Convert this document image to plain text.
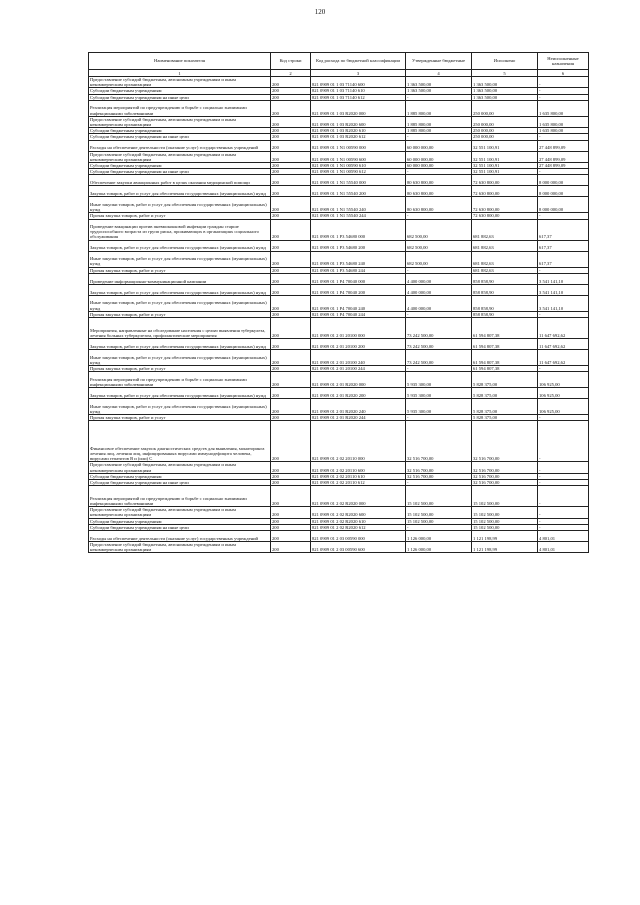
120
Наименование показателя	Код строки	Код расхода по бюджетной классификации	Утвержденные бюджетные	Исполнено	Неисполненные назначения
1	2	3	4	5	6
Предоставление субсидий бюджетным, автономным учреждениям и иным некоммерческим организациям	200	821 0909 01 1 03 71140 600	1 363 500,00	1 363 500,00	-
Субсидии бюджетным учреждениям	200	821 0909 01 1 03 71140 610	1 363 500,00	1 363 500,00	-
Субсидии бюджетным учреждениям на иные цели	200	821 0909 01 1 03 71140 612	-	1 363 500,00	-
Реализация мероприятий по предупреждению и борьбе с социально значимыми инфекционными заболеваниями	200	821 0909 01 1 03 R2020 000	1 885 800,00	250 000,00	1 635 800,00
Предоставление субсидий бюджетным, автономным учреждениям и иным некоммерческим организациям	200	821 0909 01 1 03 R2020 600	1 885 800,00	250 000,00	1 635 800,00
Субсидии бюджетным учреждениям	200	821 0909 01 1 03 R2020 610	1 885 800,00	250 000,00	1 635 800,00
Субсидии бюджетным учреждениям на иные цели	200	821 0909 01 1 03 R2020 612	-	250 000,00	-
Расходы на обеспечение деятельности (оказание услуг) государственных учреждений	200	821 0909 01 1 N1 00590 000	60 000 000,00	32 551 100,91	27 448 899,09
Предоставление субсидий бюджетным, автономным учреждениям и иным некоммерческим организациям	200	821 0909 01 1 N1 00590 600	60 000 000,00	32 551 100,91	27 448 899,09
Субсидии бюджетным учреждениям	200	821 0909 01 1 N1 00590 610	60 000 000,00	32 551 100,91	27 448 899,09
Субсидии бюджетным учреждениям на иные цели	200	821 0909 01 1 N1 00590 612	-	32 551 100,91	-
Обеспечение закупки авиационных работ в целях оказания медицинской помощи	200	821 0909 01 1 N1 55540 000	80 630 800,00	72 630 800,00	8 000 000,00
Закупка товаров, работ и услуг для обеспечения государственных (муниципальных) нужд	200	821 0909 01 1 N1 55540 200	80 630 800,00	72 630 800,00	8 000 000,00
Иные закупки товаров, работ и услуг для обеспечения государственных (муниципальных) нужд	200	821 0909 01 1 N1 55540 240	80 630 800,00	72 630 800,00	8 000 000,00
Прочая закупка товаров, работ и услуг	200	821 0909 01 1 N1 55540 244	-	72 630 800,00	-
Проведение вакцинации против пневмококковой инфекции граждан старше трудоспособного возраста из групп риска, проживающих в организациях социального обслуживания	200	821 0909 01 1 P3 54680 000	682 500,00	681 882,63	617,37
Закупка товаров, работ и услуг для обеспечения государственных (муниципальных) нужд	200	821 0909 01 1 P3 54680 200	682 500,00	681 882,63	617,37
Иные закупки товаров, работ и услуг для обеспечения государственных (муниципальных) нужд	200	821 0909 01 1 P3 54680 240	682 500,00	681 882,63	617,37
Прочая закупка товаров, работ и услуг	200	821 0909 01 1 P3 54680 244	-	681 882,63	-
Проведение информационно-коммуникационной кампании	200	821 0909 01 1 P4 70040 000	4 400 000,00	858 858,90	3 541 141,10
Закупка товаров, работ и услуг для обеспечения государственных (муниципальных) нужд	200	821 0909 01 1 P4 70040 200	4 400 000,00	858 858,90	3 541 141,10
Иные закупки товаров, работ и услуг для обеспечения государственных (муниципальных) нужд	200	821 0909 01 1 P4 70040 240	4 400 000,00	858 858,90	3 541 141,10
Прочая закупка товаров, работ и услуг	200	821 0909 01 1 P4 70040 244	-	858 858,90	-
Мероприятия, направленные на обследование населения с целью выявления туберкулеза, лечения больных туберкулезом, профилактические мероприятия	200	821 0909 01 2 01 20100 000	73 242 500,00	61 594 807,38	11 647 692,62
Закупка товаров, работ и услуг для обеспечения государственных (муниципальных) нужд	200	821 0909 01 2 01 20100 200	73 242 500,00	61 594 807,38	11 647 692,62
Иные закупки товаров, работ и услуг для обеспечения государственных (муниципальных) нужд	200	821 0909 01 2 01 20100 240	73 242 500,00	61 594 807,38	11 647 692,62
Прочая закупка товаров, работ и услуг	200	821 0909 01 2 01 20100 244	-	61 594 807,38	-
Реализация мероприятий по предупреждению и борьбе с социально значимыми инфекционными заболеваниями	200	821 0909 01 2 01 R2020 000	5 935 300,00	5 828 375,00	106 925,00
Закупка товаров, работ и услуг для обеспечения государственных (муниципальных) нужд	200	821 0909 01 2 01 R2020 200	5 935 300,00	5 828 375,00	106 925,00
Иные закупки товаров, работ и услуг для обеспечения государственных (муниципальных) нужд	200	821 0909 01 2 01 R2020 240	5 935 300,00	5 828 375,00	106 925,00
Прочая закупка товаров, работ и услуг	200	821 0909 01 2 01 R2020 244	-	5 828 375,00	-
Финансовое обеспечение закупок диагностических средств для выявления, мониторинга лечения лиц, лечения лиц, инфицированных вирусами иммунодефицита человека, вирусами гепатитов В и (или) С	200	821 0909 01 2 02 20110 000	32 516 700,00	32 516 700,00	-
Предоставление субсидий бюджетным, автономным учреждениям и иным некоммерческим организациям	200	821 0909 01 2 02 20110 600	32 516 700,00	32 516 700,00	-
Субсидии бюджетным учреждениям	200	821 0909 01 2 02 20110 610	32 516 700,00	32 516 700,00	-
Субсидии бюджетным учреждениям на иные цели	200	821 0909 01 2 02 20110 612	-	32 516 700,00	-
Реализация мероприятий по предупреждению и борьбе с социально значимыми инфекционными заболеваниями	200	821 0909 01 2 02 R2020 000	15 102 500,00	15 102 500,00	-
Предоставление субсидий бюджетным, автономным учреждениям и иным некоммерческим организациям	200	821 0909 01 2 02 R2020 600	15 102 500,00	15 102 500,00	-
Субсидии бюджетным учреждениям	200	821 0909 01 2 02 R2020 610	15 102 500,00	15 102 500,00	-
Субсидии бюджетным учреждениям на иные цели	200	821 0909 01 2 02 R2020 612	-	15 102 500,00	-
Расходы на обеспечение деятельности (оказание услуг) государственных учреждений	200	821 0909 01 2 03 00590 000	1 126 000,00	1 121 198,99	4 801,01
Предоставление субсидий бюджетным, автономным учреждениям и иным некоммерческим организациям	200	821 0909 01 2 03 00590 600	1 126 000,00	1 121 198,99	4 801,01
